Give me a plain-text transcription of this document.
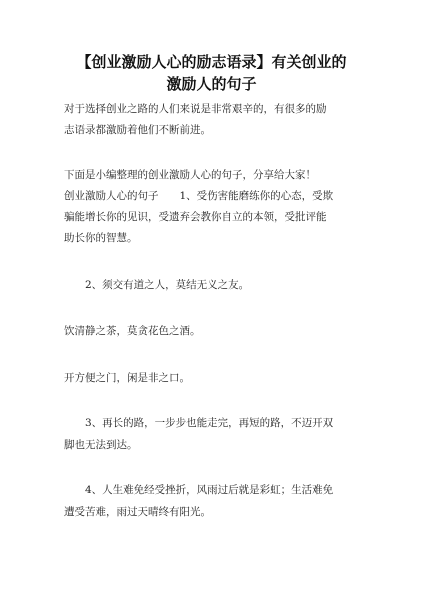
【创业激励人心的励志语录】有关创业的
激励人的句子
对于选择创业之路的人们来说是非常艰辛的，有很多的励
志语录都激励着他们不断前进。
下面是小编整理的创业激励人心的句子，分享给大家！
创业激励人心的句子　　1、受伤害能磨练你的心态，受欺
骗能增长你的见识，受遗弃会教你自立的本领，受批评能
助长你的智慧。
　　2、须交有道之人，莫结无义之友。
饮清静之茶，莫贪花色之酒。
开方便之门，闲是非之口。
　　3、再长的路，一步步也能走完，再短的路，不迈开双
脚也无法到达。
　　4、人生难免经受挫折，风雨过后就是彩虹；生活难免
遭受苦难，雨过天晴终有阳光。
